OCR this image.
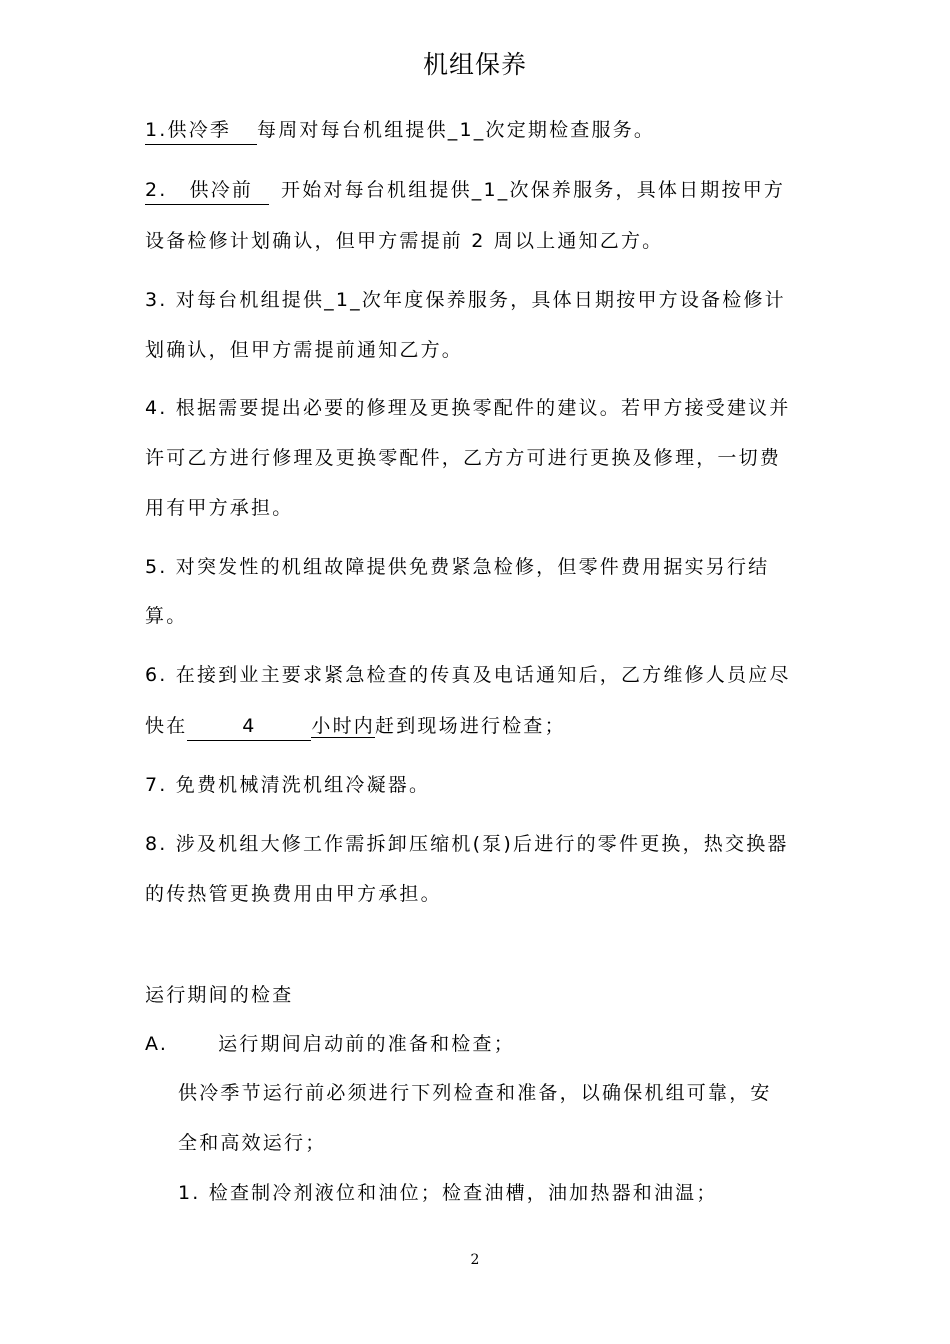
机组保养
1.供冷季 每周对每台机组提供_1_次定期检查服务。
2. 供冷前 开始对每台机组提供_1_次保养服务，具体日期按甲方
设备检修计划确认，但甲方需提前 2 周以上通知乙方。
3. 对每台机组提供_1_次年度保养服务，具体日期按甲方设备检修计
划确认，但甲方需提前通知乙方。
4. 根据需要提出必要的修理及更换零配件的建议。若甲方接受建议并
许可乙方进行修理及更换零配件，乙方方可进行更换及修理，一切费
用有甲方承担。
5. 对突发性的机组故障提供免费紧急检修，但零件费用据实另行结
算。
6. 在接到业主要求紧急检查的传真及电话通知后，乙方维修人员应尽
快在	4	小时内赶到现场进行检查；
7. 免费机械清洗机组冷凝器。
8. 涉及机组大修工作需拆卸压缩机(泵)后进行的零件更换，热交换器
的传热管更换费用由甲方承担。
运行期间的检查
A.	运行期间启动前的准备和检查；
供冷季节运行前必须进行下列检查和准备，以确保机组可靠，安
全和高效运行；
1. 检查制冷剂液位和油位；检查油槽，油加热器和油温；
2
